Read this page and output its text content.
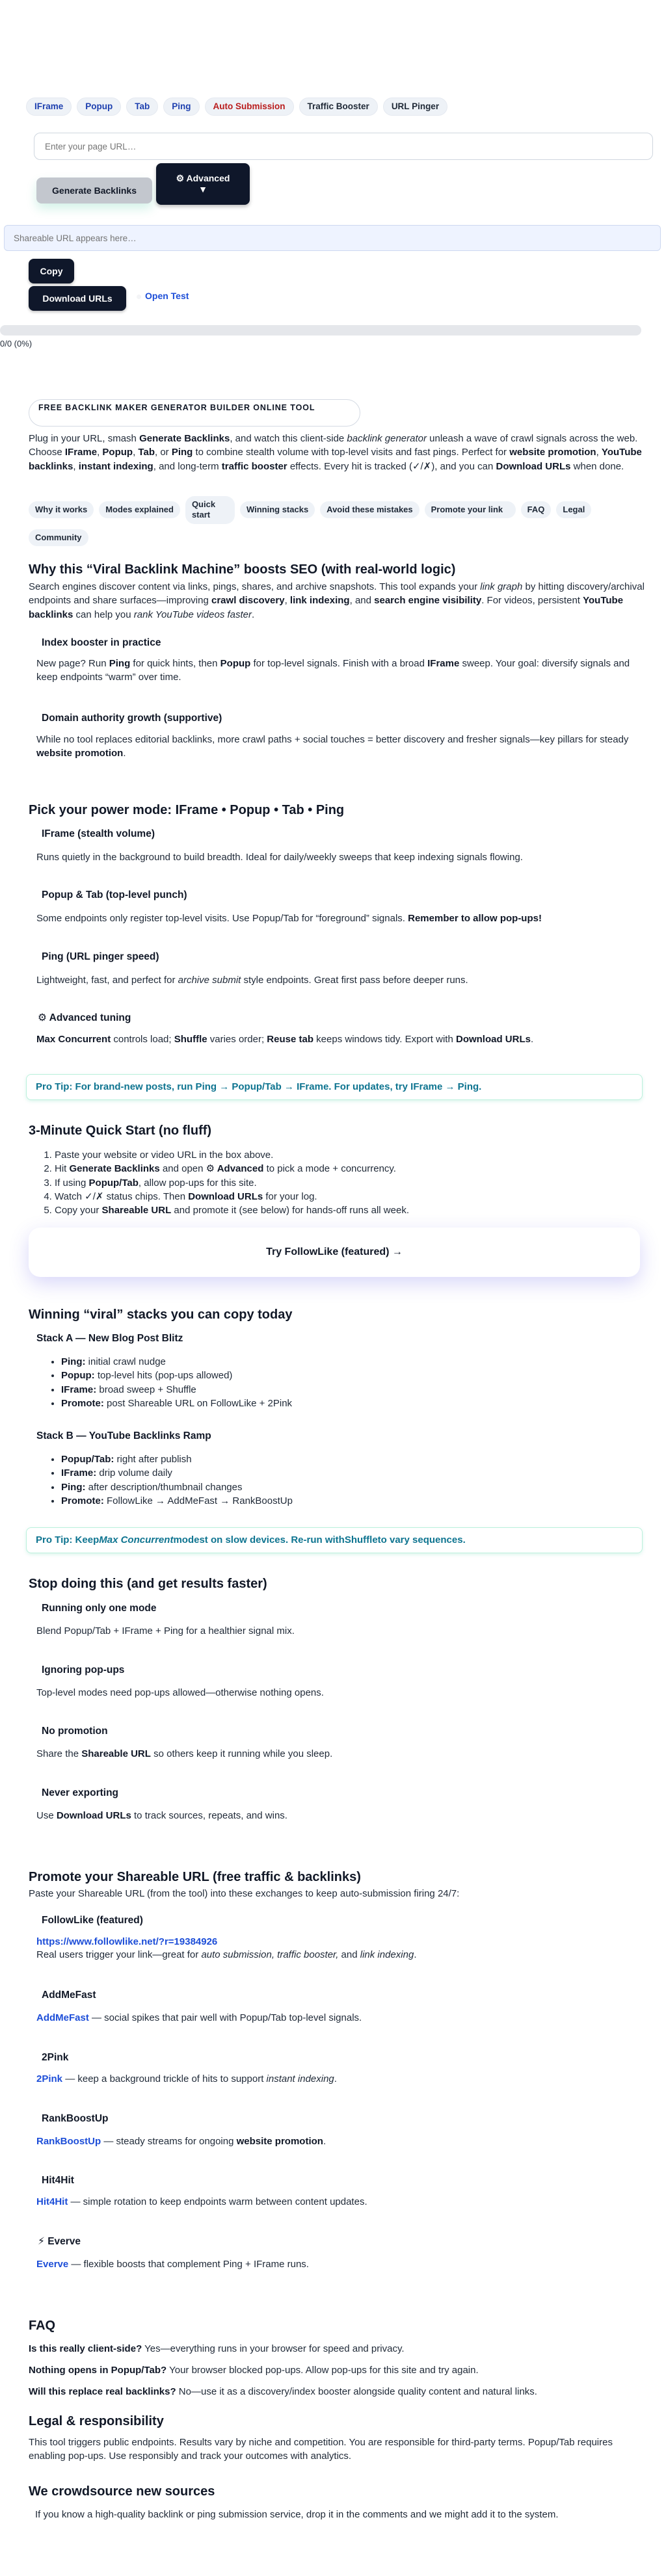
IFrame	Popup	Tab	Ping	Auto Submission	Traffic Booster	URL Pinger
Enter your page URL…
Generate Backlinks
⚙ Advanced
▼
Shareable URL appears here…
Copy
Download URLs	Open Test
0/0 (0%)
FREE BACKLINK MAKER GENERATOR BUILDER ONLINE TOOL

Plug in your URL, smash Generate Backlinks, and watch this client-side backlink generator unleash a wave of crawl signals across the web. Choose IFrame, Popup, Tab, or Ping to combine stealth volume with top-level visits and fast pings. Perfect for website promotion, YouTube backlinks, instant indexing, and long-term traffic booster effects. Every hit is tracked (✓/✗), and you can Download URLs when done.

Why it works	Modes explained
Quick start
Winning stacks	Avoid these mistakes	Promote your link	FAQ	Legal
Community
Why this “Viral Backlink Machine” boosts SEO (with real-world logic)

Search engines discover content via links, pings, shares, and archive snapshots. This tool expands your link graph by hitting discovery/archival endpoints and share surfaces—improving crawl discovery, link indexing, and search engine visibility. For videos, persistent YouTube backlinks can help you rank YouTube videos faster.

Index booster in practice

New page? Run Ping for quick hints, then Popup for top-level signals. Finish with a broad IFrame sweep. Your goal: diversify signals and keep endpoints “warm” over time.

Domain authority growth (supportive)

While no tool replaces editorial backlinks, more crawl paths + social touches = better discovery and fresher signals—key pillars for steady website promotion.

Pick your power mode: IFrame • Popup • Tab • Ping
IFrame (stealth volume)

Runs quietly in the background to build breadth. Ideal for daily/weekly sweeps that keep indexing signals flowing.

Popup & Tab (top-level punch)

Some endpoints only register top-level visits. Use Popup/Tab for “foreground” signals. Remember to allow pop-ups!

Ping (URL pinger speed)

Lightweight, fast, and perfect for archive submit style endpoints. Great first pass before deeper runs.

⚙ Advanced tuning

Max Concurrent controls load; Shuffle varies order; Reuse tab keeps windows tidy. Export with Download URLs.

Pro Tip: For brand-new posts, run Ping → Popup/Tab → IFrame. For updates, try IFrame → Ping.
3-Minute Quick Start (no fluff)
1. Paste your website or video URL in the box above.
2. Hit Generate Backlinks and open ⚙ Advanced to pick a mode + concurrency.
3. If using Popup/Tab, allow pop-ups for this site.
4. Watch ✓/✗ status chips. Then Download URLs for your log.
5. Copy your Shareable URL and promote it (see below) for hands-off runs all week.
Try FollowLike (featured) →
Winning “viral” stacks you can copy today
Stack A — New Blog Post Blitz
• Ping: initial crawl nudge
• Popup: top-level hits (pop-ups allowed)
• IFrame: broad sweep + Shuffle
• Promote: post Shareable URL on FollowLike + 2Pink
Stack B — YouTube Backlinks Ramp
• Popup/Tab: right after publish
• IFrame: drip volume daily
• Ping: after description/thumbnail changes
• Promote: FollowLike → AddMeFast → RankBoostUp
Pro Tip: Keep Max Concurrent modest on slow devices. Re-run with Shuffle to vary sequences.
Stop doing this (and get results faster)
Running only one mode

Blend Popup/Tab + IFrame + Ping for a healthier signal mix.

Ignoring pop-ups

Top-level modes need pop-ups allowed—otherwise nothing opens.

No promotion

Share the Shareable URL so others keep it running while you sleep.

Never exporting

Use Download URLs to track sources, repeats, and wins.

Promote your Shareable URL (free traffic & backlinks)

Paste your Shareable URL (from the tool) into these exchanges to keep auto-submission firing 24/7:

FollowLike (featured)
https://www.followlike.net/?r=19384926

Real users trigger your link—great for auto submission, traffic booster, and link indexing.

AddMeFast

AddMeFast — social spikes that pair well with Popup/Tab top-level signals.

2Pink

2Pink — keep a background trickle of hits to support instant indexing.

RankBoostUp

RankBoostUp — steady streams for ongoing website promotion.

Hit4Hit

Hit4Hit — simple rotation to keep endpoints warm between content updates.

⚡ Everve

Everve — flexible boosts that complement Ping + IFrame runs.

FAQ

Is this really client-side? Yes—everything runs in your browser for speed and privacy.

Nothing opens in Popup/Tab? Your browser blocked pop-ups. Allow pop-ups for this site and try again.

Will this replace real backlinks? No—use it as a discovery/index booster alongside quality content and natural links.

Legal & responsibility

This tool triggers public endpoints. Results vary by niche and competition. You are responsible for third-party terms. Popup/Tab requires enabling pop-ups. Use responsibly and track your outcomes with analytics.

We crowdsource new sources

If you know a high-quality backlink or ping submission service, drop it in the comments and we might add it to the system.
